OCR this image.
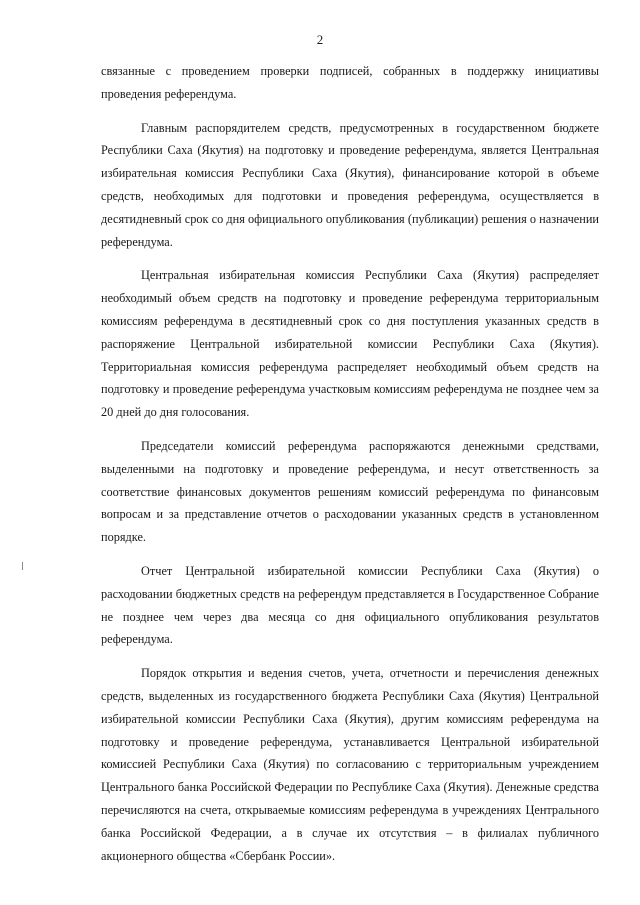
2

связанные с проведением проверки подписей, собранных в поддержку инициативы проведения референдума.

Главным распорядителем средств, предусмотренных в государственном бюджете Республики Саха (Якутия) на подготовку и проведение референдума, является Центральная избирательная комиссия Республики Саха (Якутия), финансирование которой в объеме средств, необходимых для подготовки и проведения референдума, осуществляется в десятидневный срок со дня официального опубликования (публикации) решения о назначении референдума.

Центральная избирательная комиссия Республики Саха (Якутия) распределяет необходимый объем средств на подготовку и проведение референдума территориальным комиссиям референдума в десятидневный срок со дня поступления указанных средств в распоряжение Центральной избирательной комиссии Республики Саха (Якутия). Территориальная комиссия референдума распределяет необходимый объем средств на подготовку и проведение референдума участковым комиссиям референдума не позднее чем за 20 дней до дня голосования.

Председатели комиссий референдума распоряжаются денежными средствами, выделенными на подготовку и проведение референдума, и несут ответственность за соответствие финансовых документов решениям комиссий референдума по финансовым вопросам и за представление отчетов о расходовании указанных средств в установленном порядке.

Отчет Центральной избирательной комиссии Республики Саха (Якутия) о расходовании бюджетных средств на референдум представляется в Государственное Собрание не позднее чем через два месяца со дня официального опубликования результатов референдума.

Порядок открытия и ведения счетов, учета, отчетности и перечисления денежных средств, выделенных из государственного бюджета Республики Саха (Якутия) Центральной избирательной комиссии Республики Саха (Якутия), другим комиссиям референдума на подготовку и проведение референдума, устанавливается Центральной избирательной комиссией Республики Саха (Якутия) по согласованию с территориальным учреждением Центрального банка Российской Федерации по Республике Саха (Якутия). Денежные средства перечисляются на счета, открываемые комиссиям референдума в учреждениях Центрального банка Российской Федерации, а в случае их отсутствия – в филиалах публичного акционерного общества «Сбербанк России».
